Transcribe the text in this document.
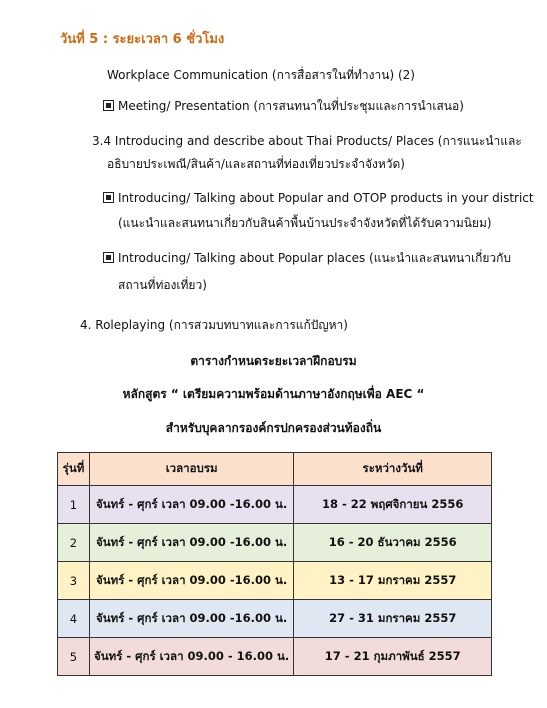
วันที่ 5 : ระยะเวลา 6 ชั่วโมง
Workplace Communication (การสื่อสารในที่ทำงาน) (2)
Meeting/ Presentation (การสนทนาในที่ประชุมและการนำเสนอ)
3.4 Introducing and describe about Thai Products/ Places (การแนะนำและ
อธิบายประเพณี/สินค้า/และสถานที่ท่องเที่ยวประจำจังหวัด)
Introducing/ Talking about Popular and OTOP products in your district
(แนะนำและสนทนาเกี่ยวกับสินค้าพื้นบ้านประจำจังหวัดที่ได้รับความนิยม)
Introducing/ Talking about Popular places (แนะนำและสนทนาเกี่ยวกับ
สถานที่ท่องเที่ยว)
4. Roleplaying (การสวมบทบาทและการแก้ปัญหา)
ตารางกำหนดระยะเวลาฝึกอบรม
หลักสูตร “ เตรียมความพร้อมด้านภาษาอังกฤษเพื่อ AEC “
สำหรับบุคลากรองค์กรปกครองส่วนท้องถิ่น
รุ่นที่	เวลาอบรม	ระหว่างวันที่
1	จันทร์ - ศุกร์ เวลา 09.00 -16.00 น.	18 - 22 พฤศจิกายน 2556
2	จันทร์ - ศุกร์ เวลา 09.00 -16.00 น.	16 - 20 ธันวาคม 2556
3	จันทร์ - ศุกร์ เวลา 09.00 -16.00 น.	13 - 17 มกราคม 2557
4	จันทร์ - ศุกร์ เวลา 09.00 -16.00 น.	27 - 31 มกราคม 2557
5	จันทร์ - ศุกร์ เวลา 09.00 - 16.00 น.	17 - 21 กุมภาพันธ์ 2557
